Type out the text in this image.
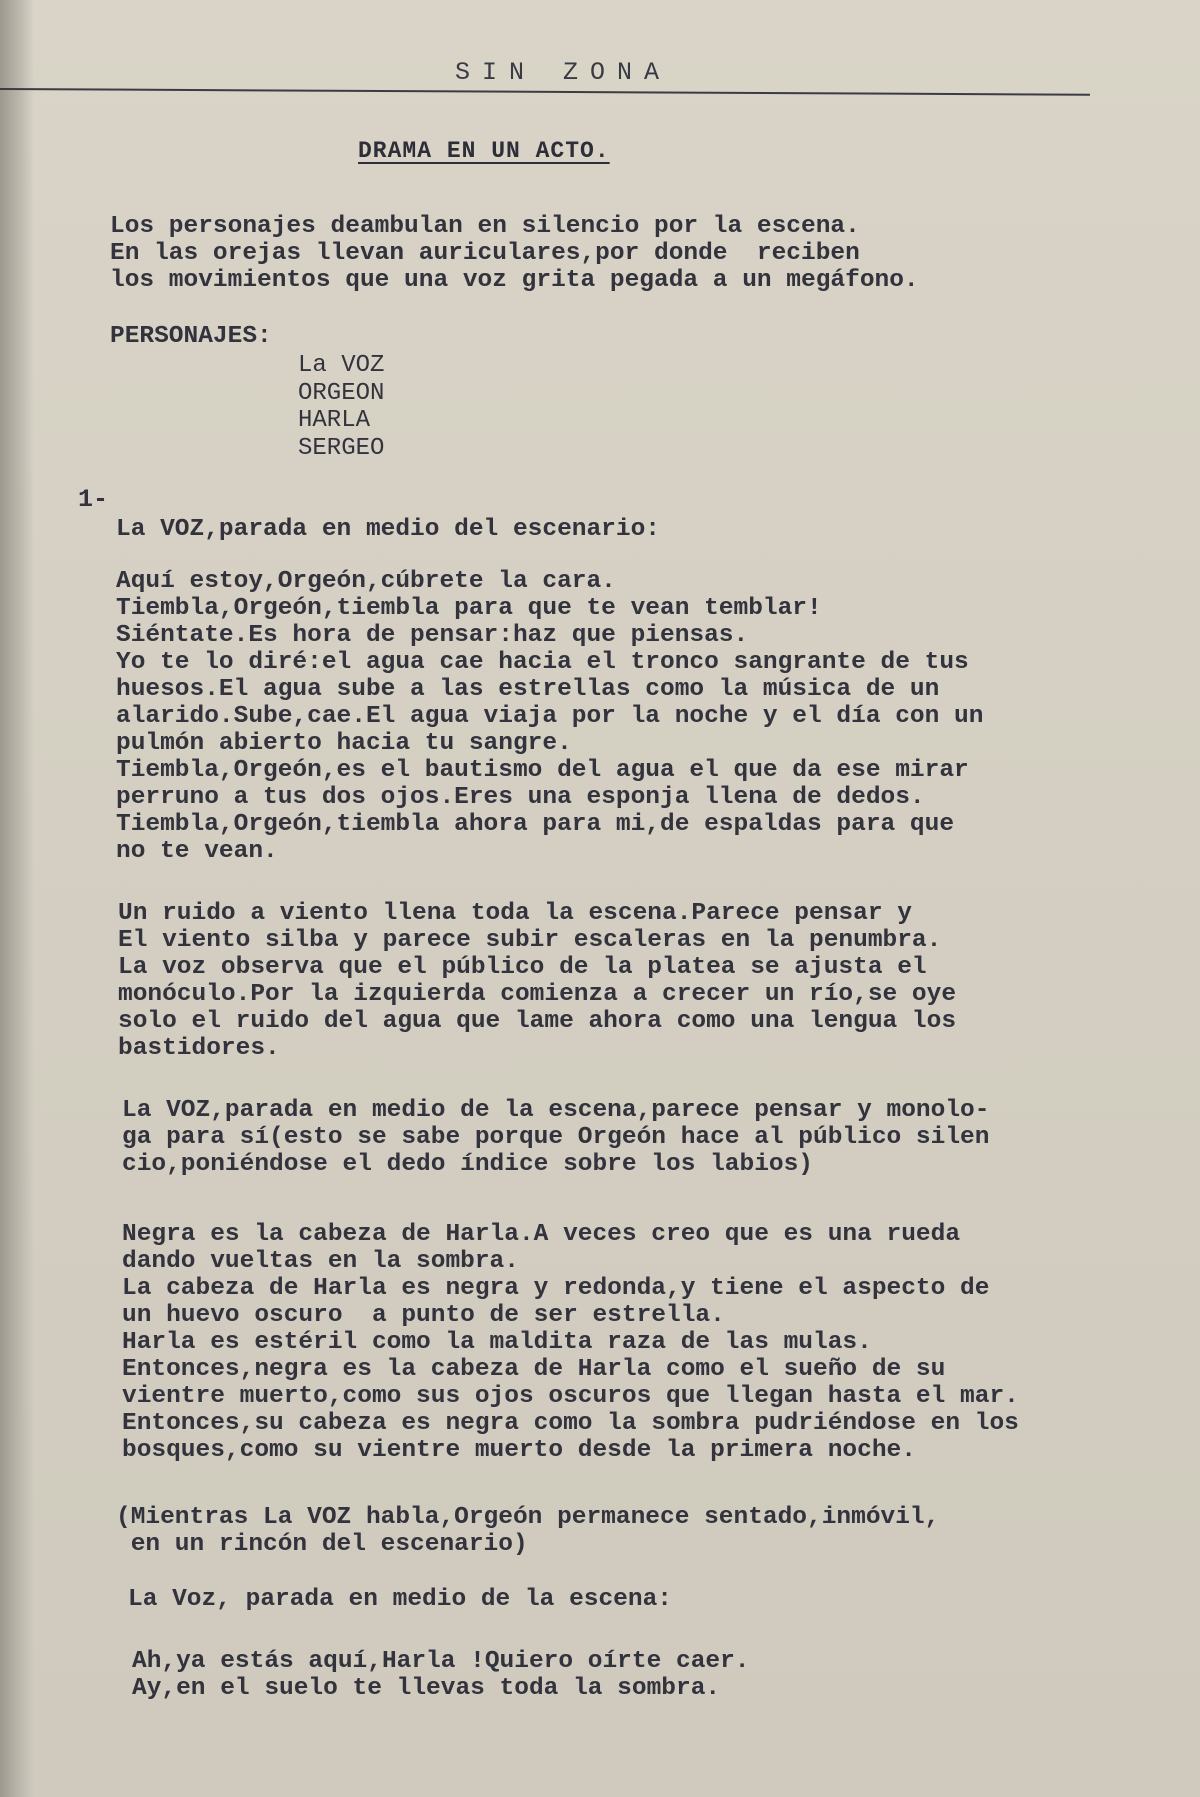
SIN ZONA
DRAMA EN UN ACTO.
Los personajes deambulan en silencio por la escena.
En las orejas llevan auriculares,por donde  reciben
los movimientos que una voz grita pegada a un megáfono.
PERSONAJES:
La VOZ
ORGEON
HARLA
SERGEO
1-
La VOZ,parada en medio del escenario:
Aquí estoy,Orgeón,cúbrete la cara.
Tiembla,Orgeón,tiembla para que te vean temblar!
Siéntate.Es hora de pensar:haz que piensas.
Yo te lo diré:el agua cae hacia el tronco sangrante de tus
huesos.El agua sube a las estrellas como la música de un
alarido.Sube,cae.El agua viaja por la noche y el día con un
pulmón abierto hacia tu sangre.
Tiembla,Orgeón,es el bautismo del agua el que da ese mirar
perruno a tus dos ojos.Eres una esponja llena de dedos.
Tiembla,Orgeón,tiembla ahora para mi,de espaldas para que
no te vean.
Un ruido a viento llena toda la escena.Parece pensar y
El viento silba y parece subir escaleras en la penumbra.
La voz observa que el público de la platea se ajusta el
monóculo.Por la izquierda comienza a crecer un río,se oye
solo el ruido del agua que lame ahora como una lengua los
bastidores.
La VOZ,parada en medio de la escena,parece pensar y monolo-
ga para sí(esto se sabe porque Orgeón hace al público silen
cio,poniéndose el dedo índice sobre los labios)
Negra es la cabeza de Harla.A veces creo que es una rueda
dando vueltas en la sombra.
La cabeza de Harla es negra y redonda,y tiene el aspecto de
un huevo oscuro  a punto de ser estrella.
Harla es estéril como la maldita raza de las mulas.
Entonces,negra es la cabeza de Harla como el sueño de su
vientre muerto,como sus ojos oscuros que llegan hasta el mar.
Entonces,su cabeza es negra como la sombra pudriéndose en los
bosques,como su vientre muerto desde la primera noche.
(Mientras La VOZ habla,Orgeón permanece sentado,inmóvil,
en un rincón del escenario)
La Voz, parada en medio de la escena:
Ah,ya estás aquí,Harla !Quiero oírte caer.
Ay,en el suelo te llevas toda la sombra.
